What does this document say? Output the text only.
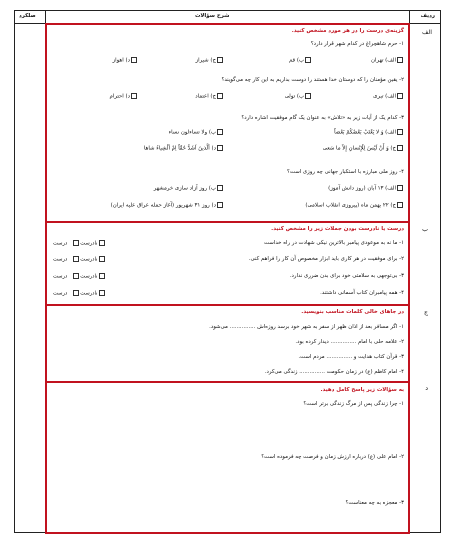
صلکرد	شرح سؤالات	ردیف
الف
ب
ج
د
گزینه‌ی درست را در هر مورد مشخص کنید.
۱- حرم شاهچراغ در کدام شهر قرار دارد؟
الف) تهران
ب) قم
ج) شیراز
د) اهواز
۲- یقین مؤمنان را که دوستان خدا هستند را دوست بداریم به این کار چه می‌گویند؟
الف) تبری
ب) تولی
ج) اعتماد
د) احترام
۳- کدام یک از آیات زیر به «تلاش» به عنوان یک گام موفقیت اشاره دارد؟
الف) وَ لا یَغْتَبْ بَعْضُکُمْ بَعْضاً
ب) ولا تساءلون نساء
ج) وَ أَنْ لَیْسَ لِلْإِنْسانِ إِلاّ ما سَعی
د) اَلَّذینَ اَشَدُّ حُقّاً اِمْ اَلْشِیاءُ شاها
۴- روز ملی مبارزه با استکبار جهانی چه روزی است؟
الف) ۱۳ آبان (روز دانش آموز)
ب) روز آزاد سازی خرمشهر
ج) ۲۲ بهمن ماه (پیروزی انقلاب اسلامی)
د) روز ۳۱ شهریور (آغاز حمله عراق علیه ایران)
درست یا نادرست بودن جملات زیر را مشخص کنید.
۱- ما نه به موعودی پیامبر بالاترین نیکی شهادت در راه خداست
۲- برای موفقیت در هر کاری باید ابزار مخصوص آن کار را فراهم کنی.
۳- بی‌توجهی به سلامتی خود برای بدن ضرری ندارد.
۴- همه پیامبران کتاب آسمانی داشتند.
نادرست   درست
نادرست   درست
نادرست   درست
نادرست   درست
در جاهای خالی کلمات مناسب بنویسید.
۱- اگر مسافر بعد از اذان ظهر از سفر به شهر خود برسد روزه‌اش ............... می‌شود.
۲- علامه حلی با امام ............... دیدار کرده بود.
۳- قرآن کتاب هدایت و ............... مردم است.
۴- امام کاظم (ع) در زمان حکومت ............... زندگی می‌کرد.
به سؤالات زیر پاسخ کامل دهید.
۱- چرا زندگی پس از مرگ زندگی برتر است؟
۲- امام علی (ع) درباره ارزش زمان و فرصت چه فرموده است؟
۳- معجزه به چه معناست؟
